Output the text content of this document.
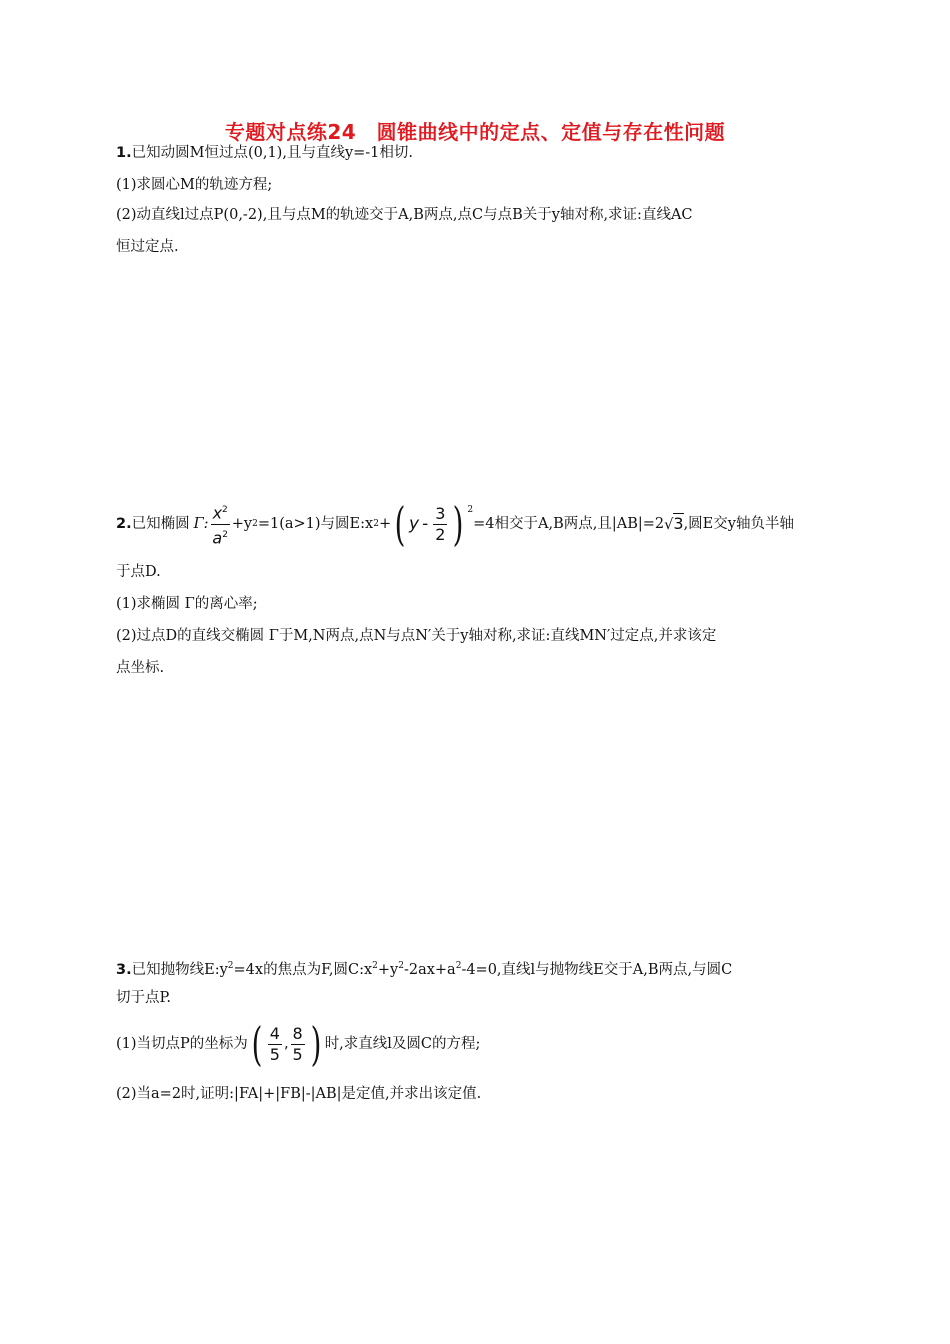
专题对点练24　圆锥曲线中的定点、定值与存在性问题
1.已知动圆M恒过点(0,1),且与直线y=-1相切.
(1)求圆心M的轨迹方程;
(2)动直线l过点P(0,-2),且与点M的轨迹交于A,B两点,点C与点B关于y轴对称,求证:直线AC
恒过定点.
2. 已知椭圆 Γ: $\frac{x^2}{a^2} +y$ 2 =1(a>1)与圆E:x 2 + ( y - $\frac{3}{2}$ ) $^2$
=4相交于A,B两点,且|AB|=2 √3 ,圆E交y轴负半轴
于点D.
(1)求椭圆 Γ的离心率;
(2)过点D的直线交椭圆 Γ于M,N两点,点N与点N′关于y轴对称,求证:直线MN′过定点,并求该定
点坐标.
3.已知抛物线$E:y^2=4x$的焦点为F,圆$C:x^2+y^2-2ax+a^2-4=0$,直线l与抛物线E交于A,B两点,与圆C
切于点P.
(1)当切点P的坐标为 ( $\frac{4}{5}$ , $\frac{8}{5}$ ) 时,求直线l及圆C的方程;
(2)当a=2时,证明:|FA|+|FB|-|AB|是定值,并求出该定值.
